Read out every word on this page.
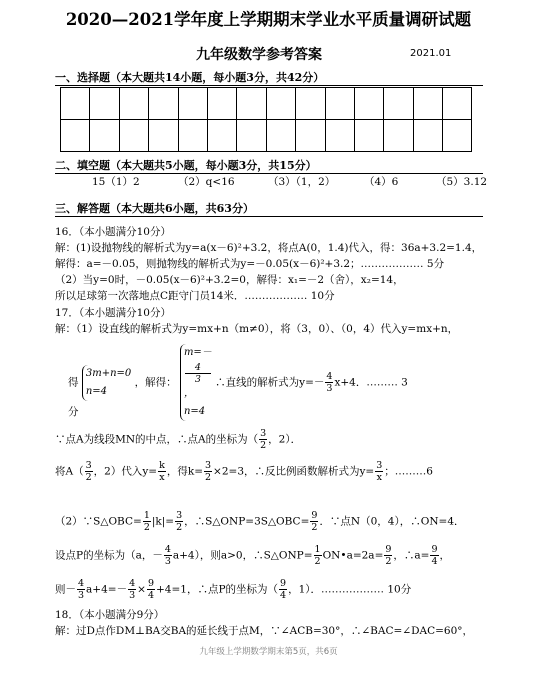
2020—2021学年度上学期期末学业水平质量调研试题
九年级数学参考答案	2021.01
一、选择题（本大题共14小题，每小题3分，共42分）

二、填空题（本大题共5小题，每小题3分，共15分）
15（1）2	（2）q<16	（3）（1，2）	（4）6	（5）3.12
三、解答题（本大题共6小题，共63分）
16．（本小题满分10分）
解：(1)设抛物线的解析式为y=a(x－6)²+3.2，将点A(0，1.4)代入，得：36a+3.2=1.4，
解得：a=－0.05，则抛物线的解析式为y=－0.05(x－6)²+3.2；……………… 5分
（2）当y=0时，－0.05(x－6)²+3.2=0，解得：x₁=－2（舍），x₂=14，
所以足球第一次落地点C距守门员14米．……………… 10分
17．（本小题满分10分）
解：（1）设直线的解析式为y=mx+n（m≠0），将（3，0）、（0，4）代入y=mx+n，
得
3m+n=0
n=4
，解得：
m=－
4
3
，
n=4
∴直线的解析式为$y=- \frac{4}{3} x+4$．……… 3
分
∵点A为线段MN的中点，∴点A的坐标为（ $\frac{3}{2}$ ，2）．
将$A( \frac{3}{2}$ ，2）代入$y= \frac{k}{x}$ ，得$k= \frac{3}{2} \times 2=3$，∴反比例函数解析式为$y= \frac{3}{x}$ ；………6
（2）∵S△OBC= $\frac{1}{2} |k|= \frac{3}{2}$ ，∴S△ONP=3S△OBC= $\frac{9}{2}$ ．∵点N（0，4），∴ON=4．
设点P的坐标为（a，－ $\frac{4}{3} a+4$），则a>0，∴S△ONP= $\frac{1}{2}$ ON•a=2a= $\frac{9}{2}$ ，∴a= $\frac{9}{4}$ ，
则－ $\frac{4}{3} a+4=- \frac{4}{3} \times \frac{9}{4} +4=1$，∴点P的坐标为（ $\frac{9}{4}$ ，1）．……………… 10分
18．（本小题满分9分）
解：过D点作DM⊥BA交BA的延长线于点M，∵∠ACB=30°，∴∠BAC=∠DAC=60°，
九年级上学期数学期末第5页，共6页
